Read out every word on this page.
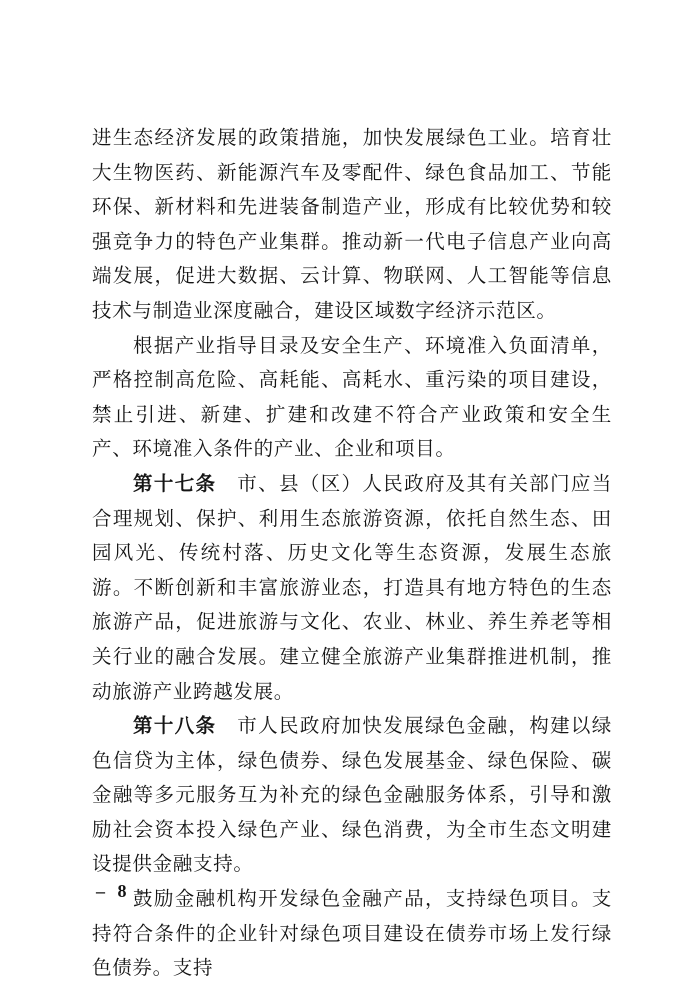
进生态经济发展的政策措施，加快发展绿色工业。培育壮大生物医药、新能源汽车及零配件、绿色食品加工、节能环保、新材料和先进装备制造产业，形成有比较优势和较强竞争力的特色产业集群。推动新一代电子信息产业向高端发展，促进大数据、云计算、物联网、人工智能等信息技术与制造业深度融合，建设区域数字经济示范区。

根据产业指导目录及安全生产、环境准入负面清单，严格控制高危险、高耗能、高耗水、重污染的项目建设，禁止引进、新建、扩建和改建不符合产业政策和安全生产、环境准入条件的产业、企业和项目。

第十七条　市、县（区）人民政府及其有关部门应当合理规划、保护、利用生态旅游资源，依托自然生态、田园风光、传统村落、历史文化等生态资源，发展生态旅游。不断创新和丰富旅游业态，打造具有地方特色的生态旅游产品，促进旅游与文化、农业、林业、养生养老等相关行业的融合发展。建立健全旅游产业集群推进机制，推动旅游产业跨越发展。

第十八条　市人民政府加快发展绿色金融，构建以绿色信贷为主体，绿色债券、绿色发展基金、绿色保险、碳金融等多元服务互为补充的绿色金融服务体系，引导和激励社会资本投入绿色产业、绿色消费，为全市生态文明建设提供金融支持。

鼓励金融机构开发绿色金融产品，支持绿色项目。支持符合条件的企业针对绿色项目建设在债券市场上发行绿色债券。支持

– 8 –
